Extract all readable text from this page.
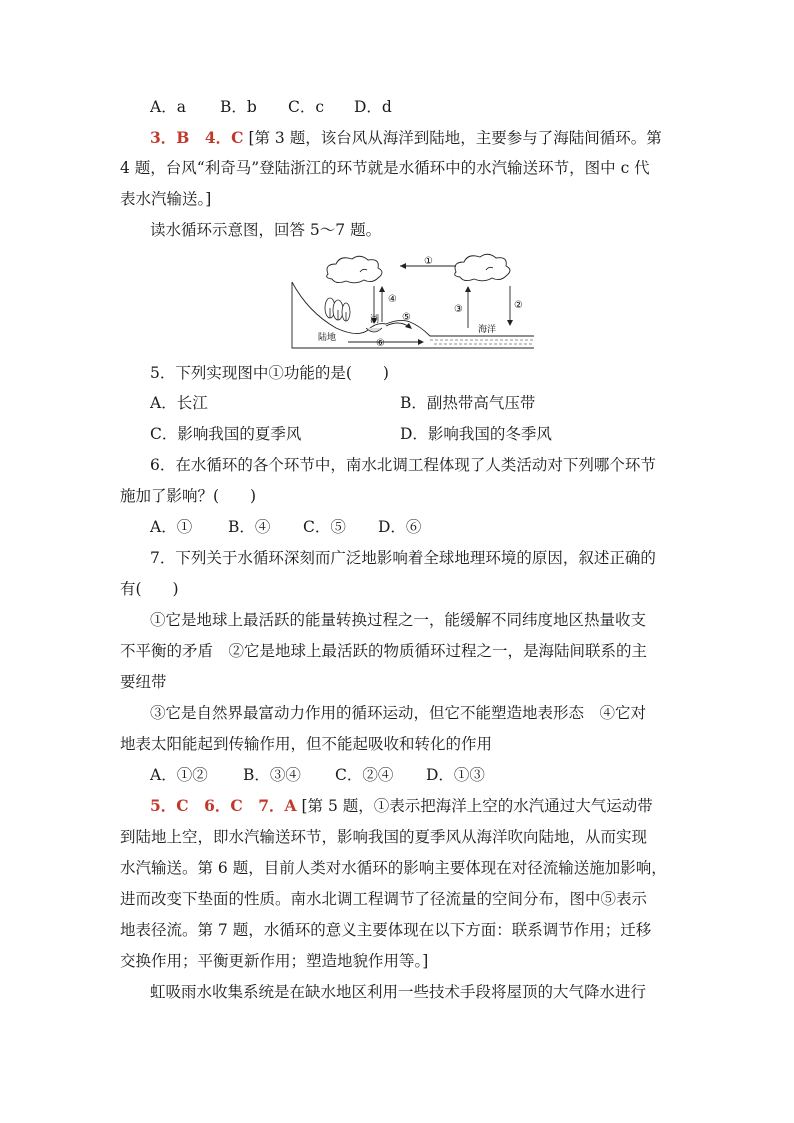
A．a B．b C．c D．d
3．B　4．C [第 3 题，该台风从海洋到陆地，主要参与了海陆间循环。第
4 题，台风“利奇马”登陆浙江的环节就是水循环中的水汽输送环节，图中 c 代
表水汽输送。]
读水循环示意图，回答 5～7 题。
①
②
③
④
湖 ⑤
⑥
海洋
陆地
5．下列实现图中①功能的是(　　)
A．长江	B．副热带高气压带
C．影响我国的夏季风	D．影响我国的冬季风
6．在水循环的各个环节中，南水北调工程体现了人类活动对下列哪个环节
施加了影响？(　　)
A．① B．④ C．⑤ D．⑥
7．下列关于水循环深刻而广泛地影响着全球地理环境的原因，叙述正确的
有(　　)
①它是地球上最活跃的能量转换过程之一，能缓解不同纬度地区热量收支
不平衡的矛盾　②它是地球上最活跃的物质循环过程之一，是海陆间联系的主
要纽带
③它是自然界最富动力作用的循环运动，但它不能塑造地表形态　④它对
地表太阳能起到传输作用，但不能起吸收和转化的作用
A．①② B．③④ C．②④ D．①③
5．C　6．C　7．A [第 5 题，①表示把海洋上空的水汽通过大气运动带
到陆地上空，即水汽输送环节，影响我国的夏季风从海洋吹向陆地，从而实现
水汽输送。第 6 题，目前人类对水循环的影响主要体现在对径流输送施加影响，
进而改变下垫面的性质。南水北调工程调节了径流量的空间分布，图中⑤表示
地表径流。第 7 题，水循环的意义主要体现在以下方面：联系调节作用；迁移
交换作用；平衡更新作用；塑造地貌作用等。]
虹吸雨水收集系统是在缺水地区利用一些技术手段将屋顶的大气降水进行
